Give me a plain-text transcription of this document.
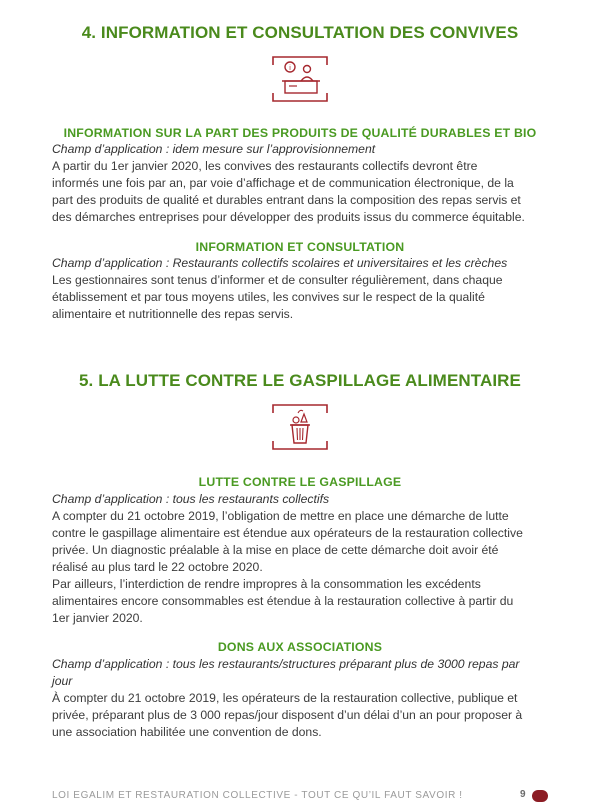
4. INFORMATION ET CONSULTATION DES CONVIVES
i
INFORMATION SUR LA PART DES PRODUITS DE QUALITÉ DURABLES ET BIO
Champ d’application : idem mesure sur l’approvisionnement
A partir du 1er janvier 2020, les convives des restaurants collectifs devront être
informés une fois par an, par voie d’affichage et de communication électronique, de la
part des produits de qualité et durables entrant dans la composition des repas servis et
des démarches entreprises pour développer des produits issus du commerce équitable.
INFORMATION ET CONSULTATION
Champ d’application : Restaurants collectifs scolaires et universitaires et les crèches
Les gestionnaires sont tenus d’informer et de consulter régulièrement, dans chaque
établissement et par tous moyens utiles, les convives sur le respect de la qualité
alimentaire et nutritionnelle des repas servis.
5. LA LUTTE CONTRE LE GASPILLAGE ALIMENTAIRE
LUTTE CONTRE LE GASPILLAGE
Champ d’application : tous les restaurants collectifs
A compter du 21 octobre 2019, l’obligation de mettre en place une démarche de lutte
contre le gaspillage alimentaire est étendue aux opérateurs de la restauration collective
privée. Un diagnostic préalable à la mise en place de cette démarche doit avoir été
réalisé au plus tard le 22 octobre 2020.
Par ailleurs, l’interdiction de rendre impropres à la consommation les excédents
alimentaires encore consommables est étendue à la restauration collective à partir du
1er janvier 2020.
DONS AUX ASSOCIATIONS
Champ d’application : tous les restaurants/structures préparant plus de 3000 repas par
jour
À compter du 21 octobre 2019, les opérateurs de la restauration collective, publique et
privée, préparant plus de 3 000 repas/jour disposent d’un délai d’un an pour proposer à
une association habilitée une convention de dons.
LOI EGALIM ET RESTAURATION COLLECTIVE - TOUT CE QU’IL FAUT SAVOIR !	9
